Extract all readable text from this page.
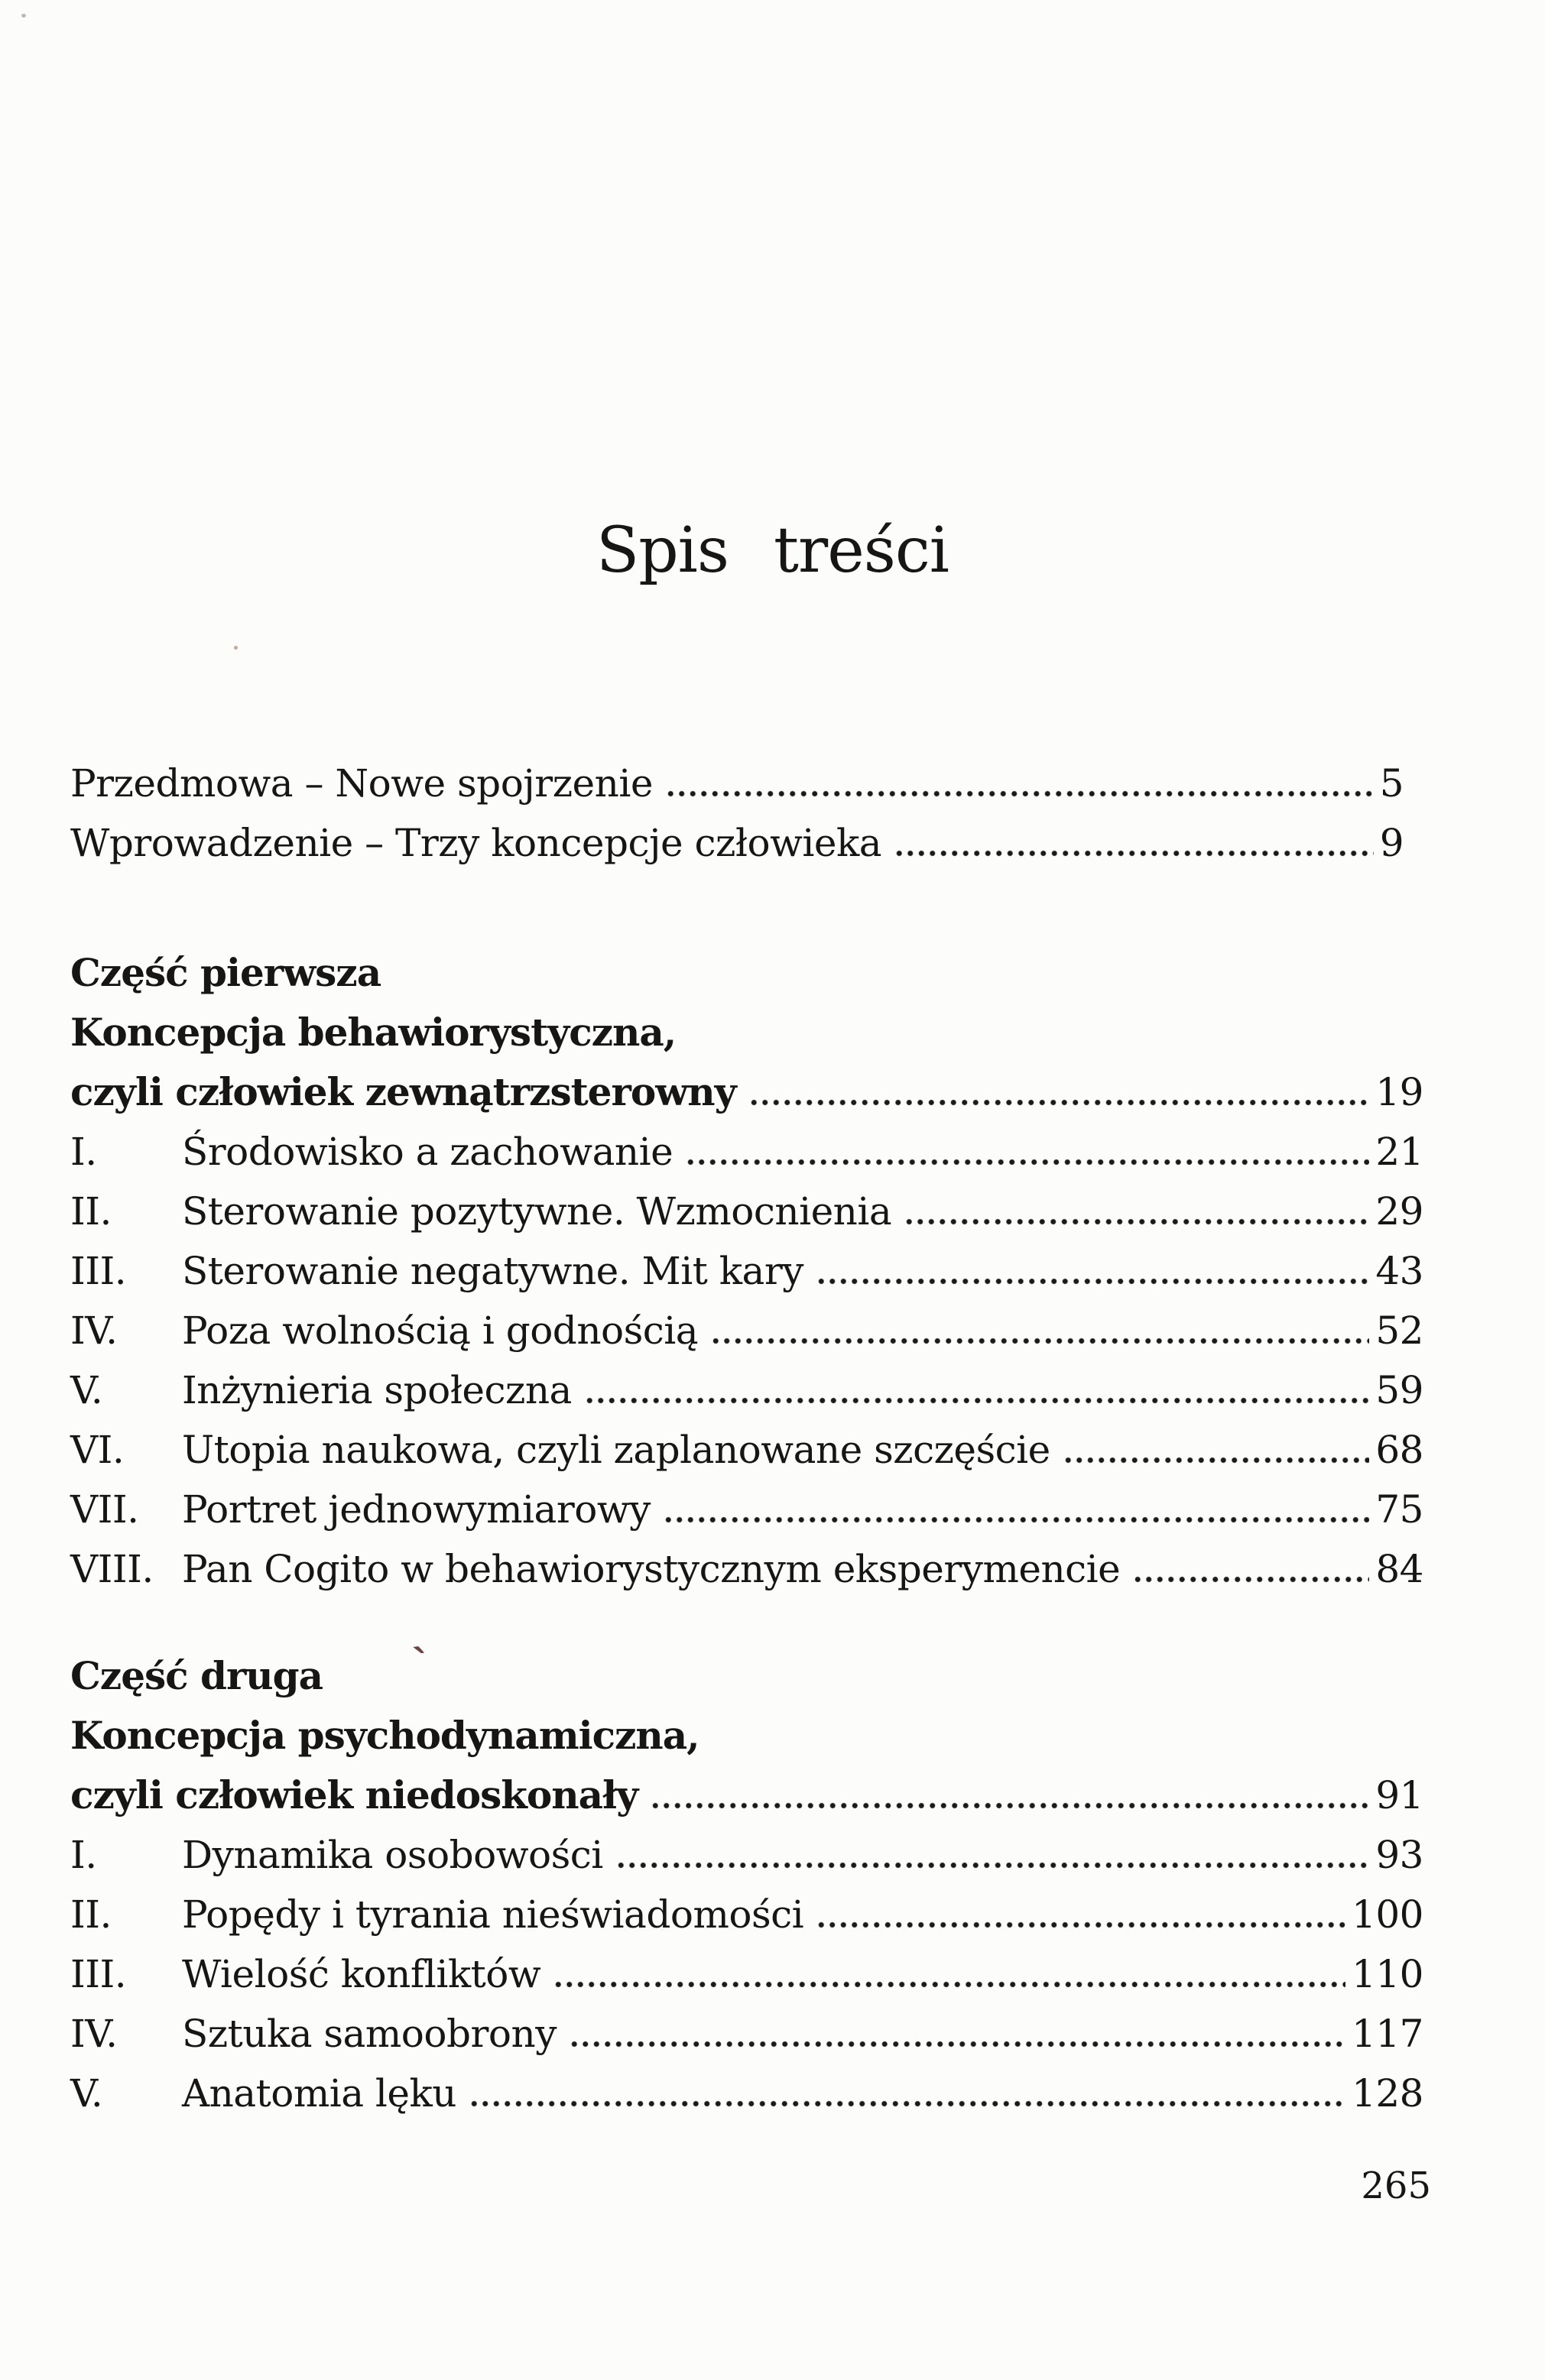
Spis treści
Przedmowa – Nowe spojrzenie	5
Wprowadzenie – Trzy koncepcje człowieka	9
Część pierwsza
Koncepcja behawiorystyczna,
czyli człowiek zewnątrzsterowny	19
I.	Środowisko a zachowanie	21
II.	Sterowanie pozytywne. Wzmocnienia	29
III.	Sterowanie negatywne. Mit kary	43
IV.	Poza wolnością i godnością	52
V.	Inżynieria społeczna	59
VI.	Utopia naukowa, czyli zaplanowane szczęście	68
VII.	Portret jednowymiarowy	75
VIII. Pan Cogito w behawiorystycznym eksperymencie	84
Część druga
Koncepcja psychodynamiczna,
czyli człowiek niedoskonały	91
I.	Dynamika osobowości	93
II.	Popędy i tyrania nieświadomości	100
III.	Wielość konfliktów	110
IV.	Sztuka samoobrony	117
V.	Anatomia lęku	128
`
265
